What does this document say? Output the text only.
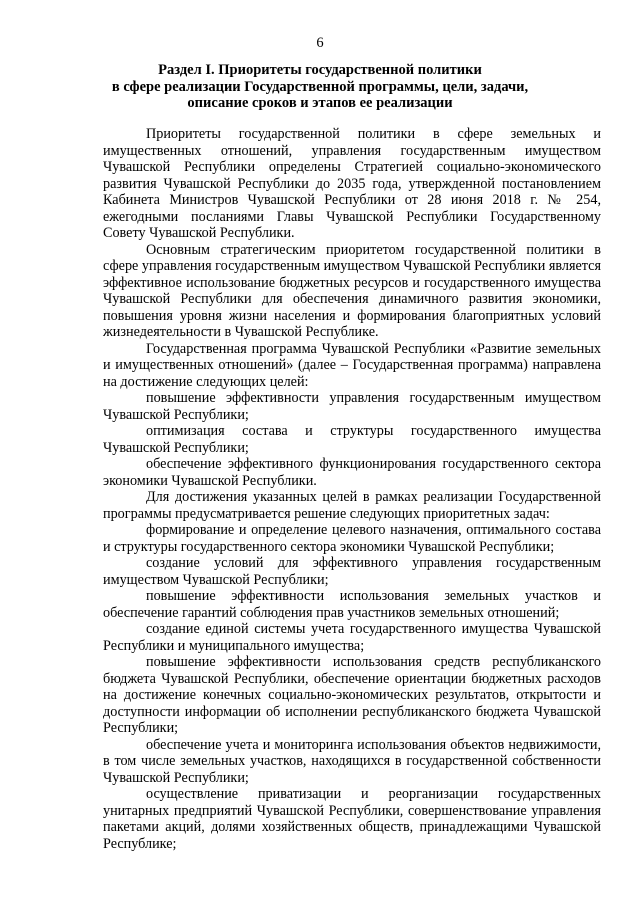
6
Раздел I. Приоритеты государственной политики
в сфере реализации Государственной программы, цели, задачи,
описание сроков и этапов ее реализации

Приоритеты государственной политики в сфере земельных и имущественных отношений, управления государственным имуществом Чувашской Республики определены Стратегией социально-экономического развития Чувашской Республики до 2035 года, утвержденной постановлением Кабинета Министров Чувашской Республики от 28 июня 2018 г. № 254, ежегодными посланиями Главы Чувашской Республики Государственному Совету Чувашской Республики.

Основным стратегическим приоритетом государственной политики в сфере управления государственным имуществом Чувашской Республики является эффективное использование бюджетных ресурсов и государственного имущества Чувашской Республики для обеспечения динамичного развития экономики, повышения уровня жизни населения и формирования благоприятных условий жизнедеятельности в Чувашской Республике.

Государственная программа Чувашской Республики «Развитие земельных и имущественных отношений» (далее – Государственная программа) направлена на достижение следующих целей:

повышение эффективности управления государственным имуществом Чувашской Республики;

оптимизация состава и структуры государственного имущества Чувашской Республики;

обеспечение эффективного функционирования государственного сектора экономики Чувашской Республики.

Для достижения указанных целей в рамках реализации Государственной программы предусматривается решение следующих приоритетных задач:

формирование и определение целевого назначения, оптимального состава и структуры государственного сектора экономики Чувашской Республики;

создание условий для эффективного управления государственным имуществом Чувашской Республики;

повышение эффективности использования земельных участков и обеспечение гарантий соблюдения прав участников земельных отношений;

создание единой системы учета государственного имущества Чувашской Республики и муниципального имущества;

повышение эффективности использования средств республиканского бюджета Чувашской Республики, обеспечение ориентации бюджетных расходов на достижение конечных социально-экономических результатов, открытости и доступности информации об исполнении республиканского бюджета Чувашской Республики;

обеспечение учета и мониторинга использования объектов недвижимости, в том числе земельных участков, находящихся в государственной собственности Чувашской Республики;

осуществление приватизации и реорганизации государственных унитарных предприятий Чувашской Республики, совершенствование управления пакетами акций, долями хозяйственных обществ, принадлежащими Чувашской Республике;
